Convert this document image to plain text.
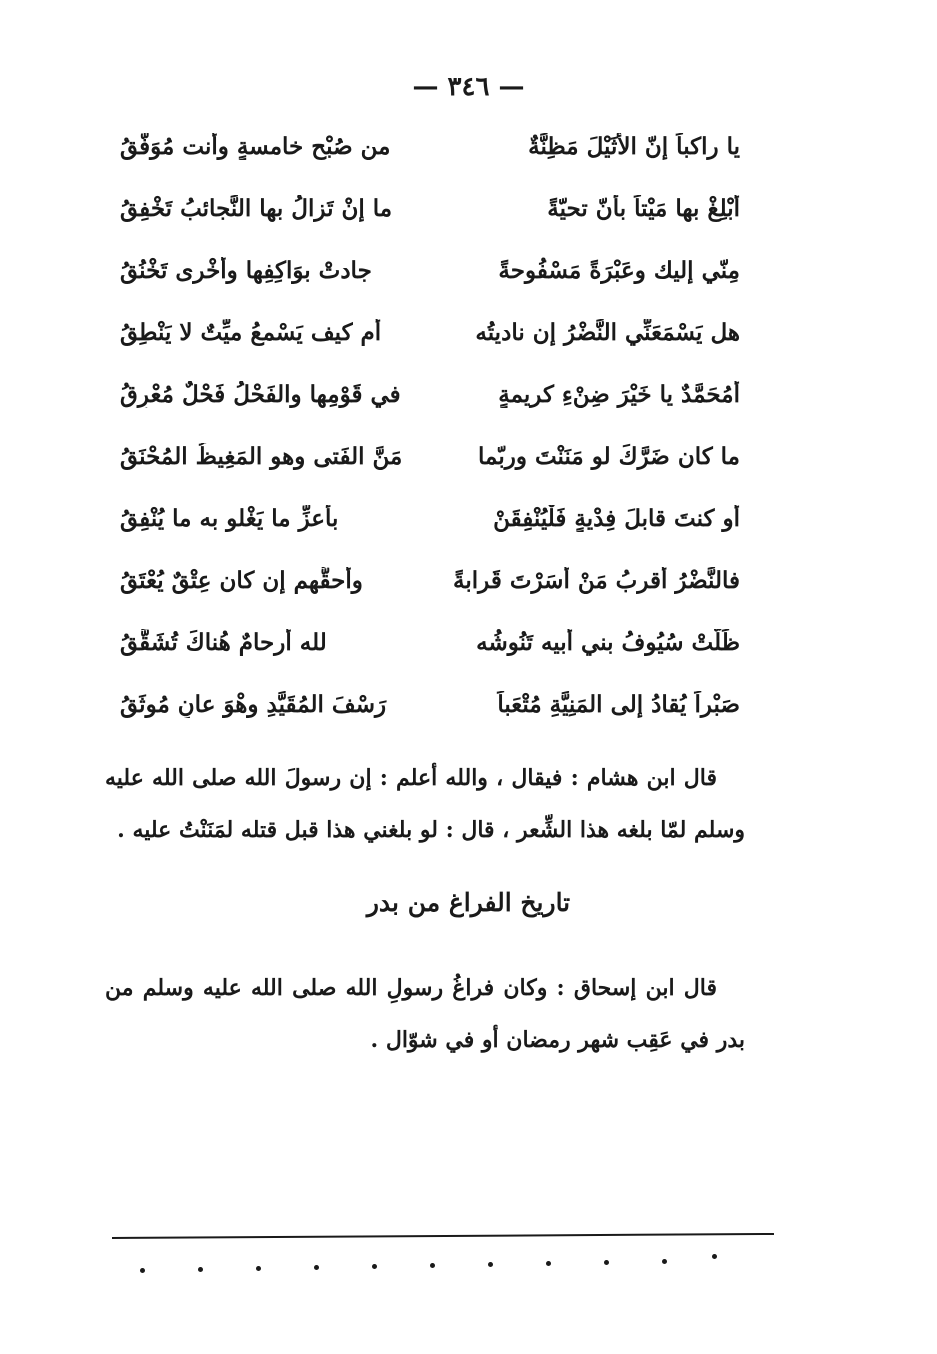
— ٣٤٦ —
يا راكباً إنّ الأُثَيْلَ مَظِنَّةٌ
من صُبْحِ خامسةٍ وأنت مُوَفَّقُ
أَبْلِغْ بها مَيْتاً بأنّ تحيّةً
ما إنْ تَزالُ بها النَّجائبُ تَخْفِقُ
مِنّي إليك وعَبْرَةً مَسْفُوحةً
جادتْ بوَاكِفِها وأُخْرى تَخْنُقُ
هل يَسْمَعَنِّي النَّضْرُ إن ناديتُه
أم كيف يَسْمعُ ميِّتٌ لا يَنْطِقُ
أَمُحَمَّدٌ يا خَيْرَ ضِنْءِ كريمةٍ
في قَوْمِها والفَحْلُ فَحْلٌ مُعْرِقُ
ما كان ضَرَّكَ لو مَنَنْتَ وربّما
مَنَّ الفَتى وهو المَغِيظُ المُحْنَقُ
أو كنتَ قابلَ فِدْيةٍ فَلْيُنْفِقَنْ
بأعزِّ ما يَغْلو به ما يُنْفِقُ
فالنَّضْرُ أقربُ مَنْ أَسَرْتَ قَرابةً
وأحقُّهم إن كان عِتْقٌ يُعْتَقُ
ظَلَّتْ سُيُوفُ بني أبيه تَنُوشُه
لله أرحامٌ هُناكَ تُشَقَّقُ
صَبْراً يُقادُ إلى المَنِيَّةِ مُتْعَباً
رَسْفَ المُقَيَّدِ وهْوَ عانٍ مُوثَقُ

قال ابن هشام : فيقال ، والله أعلم : إن رسولَ الله صلى الله عليه وسلم لمّا بلغه هذا الشِّعر ، قال : لو بلغني هذا قبل قتله لمَنَنْتُ عليه .

تاريخ الفراغ من بدر

قال ابن إسحاق : وكان فراغُ رسولِ الله صلى الله عليه وسلم من بدر في عَقِب شهر رمضان أو في شوّال .
